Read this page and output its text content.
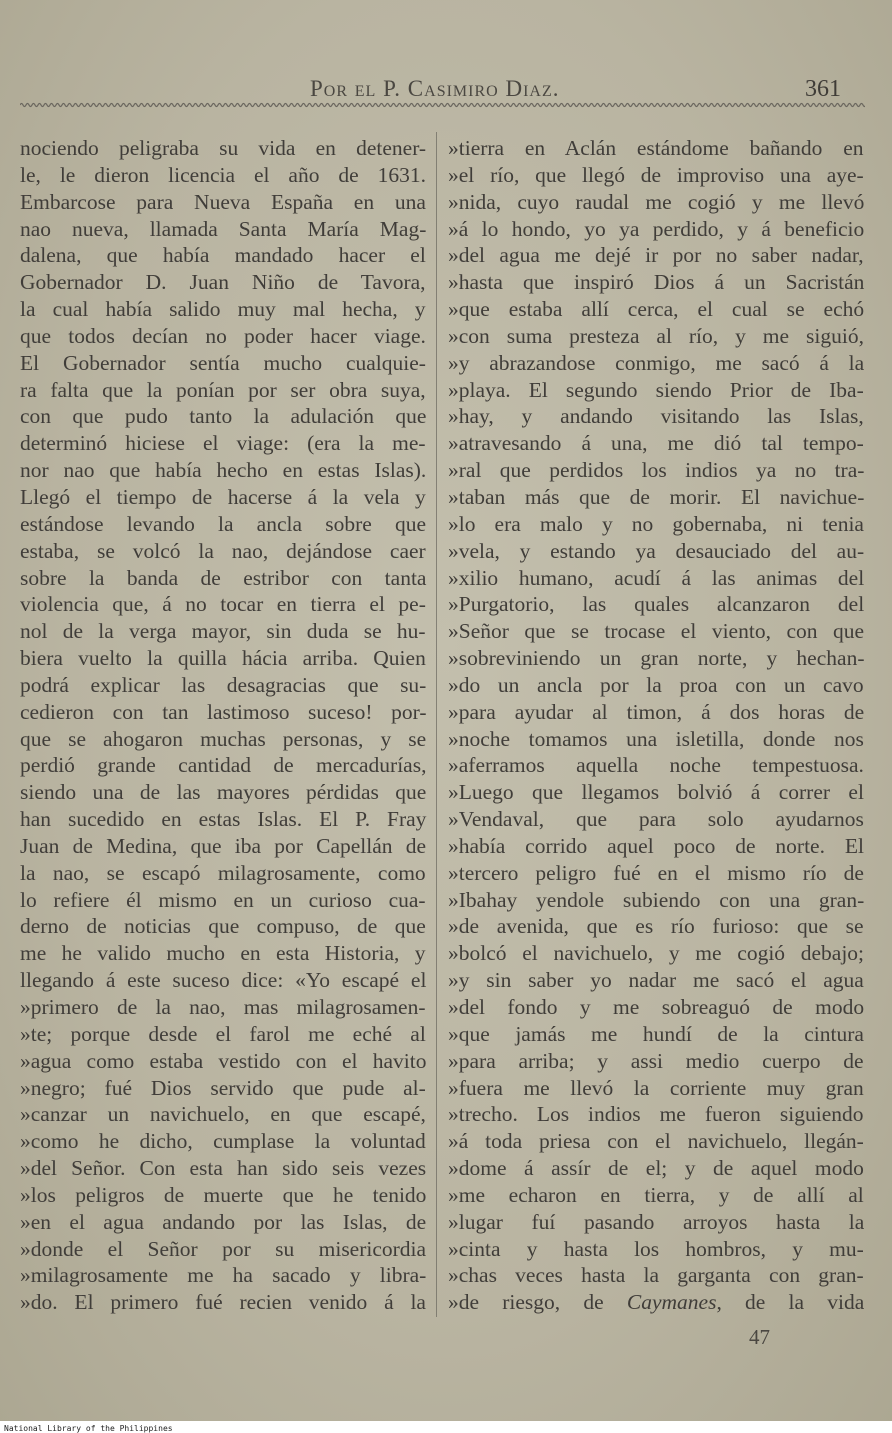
Por el P. Casimiro Diaz.	361
nociendo peligraba su vida en detener-
le, le dieron licencia el año de 1631.
Embarcose para Nueva España en una
nao nueva, llamada Santa María Mag-
dalena, que había mandado hacer el
Gobernador D. Juan Niño de Tavora,
la cual había salido muy mal hecha, y
que todos decían no poder hacer viage.
El Gobernador sentía mucho cualquie-
ra falta que la ponían por ser obra suya,
con que pudo tanto la adulación que
determinó hiciese el viage: (era la me-
nor nao que había hecho en estas Islas).
Llegó el tiempo de hacerse á la vela y
estándose levando la ancla sobre que
estaba, se volcó la nao, dejándose caer
sobre la banda de estribor con tanta
violencia que, á no tocar en tierra el pe-
nol de la verga mayor, sin duda se hu-
biera vuelto la quilla hácia arriba. Quien
podrá explicar las desagracias que su-
cedieron con tan lastimoso suceso! por-
que se ahogaron muchas personas, y se
perdió grande cantidad de mercadurías,
siendo una de las mayores pérdidas que
han sucedido en estas Islas. El P. Fray
Juan de Medina, que iba por Capellán de
la nao, se escapó milagrosamente, como
lo refiere él mismo en un curioso cua-
derno de noticias que compuso, de que
me he valido mucho en esta Historia, y
llegando á este suceso dice: «Yo escapé el
»primero de la nao, mas milagrosamen-
»te; porque desde el farol me eché al
»agua como estaba vestido con el havito
»negro; fué Dios servido que pude al-
»canzar un navichuelo, en que escapé,
»como he dicho, cumplase la voluntad
»del Señor. Con esta han sido seis vezes
»los peligros de muerte que he tenido
»en el agua andando por las Islas, de
»donde el Señor por su misericordia
»milagrosamente me ha sacado y libra-
»do. El primero fué recien venido á la
»tierra en Aclán estándome bañando en
»el río, que llegó de improviso una aye-
»nida, cuyo raudal me cogió y me llevó
»á lo hondo, yo ya perdido, y á beneficio
»del agua me dejé ir por no saber nadar,
»hasta que inspiró Dios á un Sacristán
»que estaba allí cerca, el cual se echó
»con suma presteza al río, y me siguió,
»y abrazandose conmigo, me sacó á la
»playa. El segundo siendo Prior de Iba-
»hay, y andando visitando las Islas,
»atravesando á una, me dió tal tempo-
»ral que perdidos los indios ya no tra-
»taban más que de morir. El navichue-
»lo era malo y no gobernaba, ni tenia
»vela, y estando ya desauciado del au-
»xilio humano, acudí á las animas del
»Purgatorio, las quales alcanzaron del
»Señor que se trocase el viento, con que
»sobreviniendo un gran norte, y hechan-
»do un ancla por la proa con un cavo
»para ayudar al timon, á dos horas de
»noche tomamos una isletilla, donde nos
»aferramos aquella noche tempestuosa.
»Luego que llegamos bolvió á correr el
»Vendaval, que para solo ayudarnos
»había corrido aquel poco de norte. El
»tercero peligro fué en el mismo río de
»Ibahay yendole subiendo con una gran-
»de avenida, que es río furioso: que se
»bolcó el navichuelo, y me cogió debajo;
»y sin saber yo nadar me sacó el agua
»del fondo y me sobreaguó de modo
»que jamás me hundí de la cintura
»para arriba; y assi medio cuerpo de
»fuera me llevó la corriente muy gran
»trecho. Los indios me fueron siguiendo
»á toda priesa con el navichuelo, llegán-
»dome á assír de el; y de aquel modo
»me echaron en tierra, y de allí al
»lugar fuí pasando arroyos hasta la
»cinta y hasta los hombros, y mu-
»chas veces hasta la garganta con gran-
»de riesgo, de Caymanes, de la vida
47
National Library of the Philippines
